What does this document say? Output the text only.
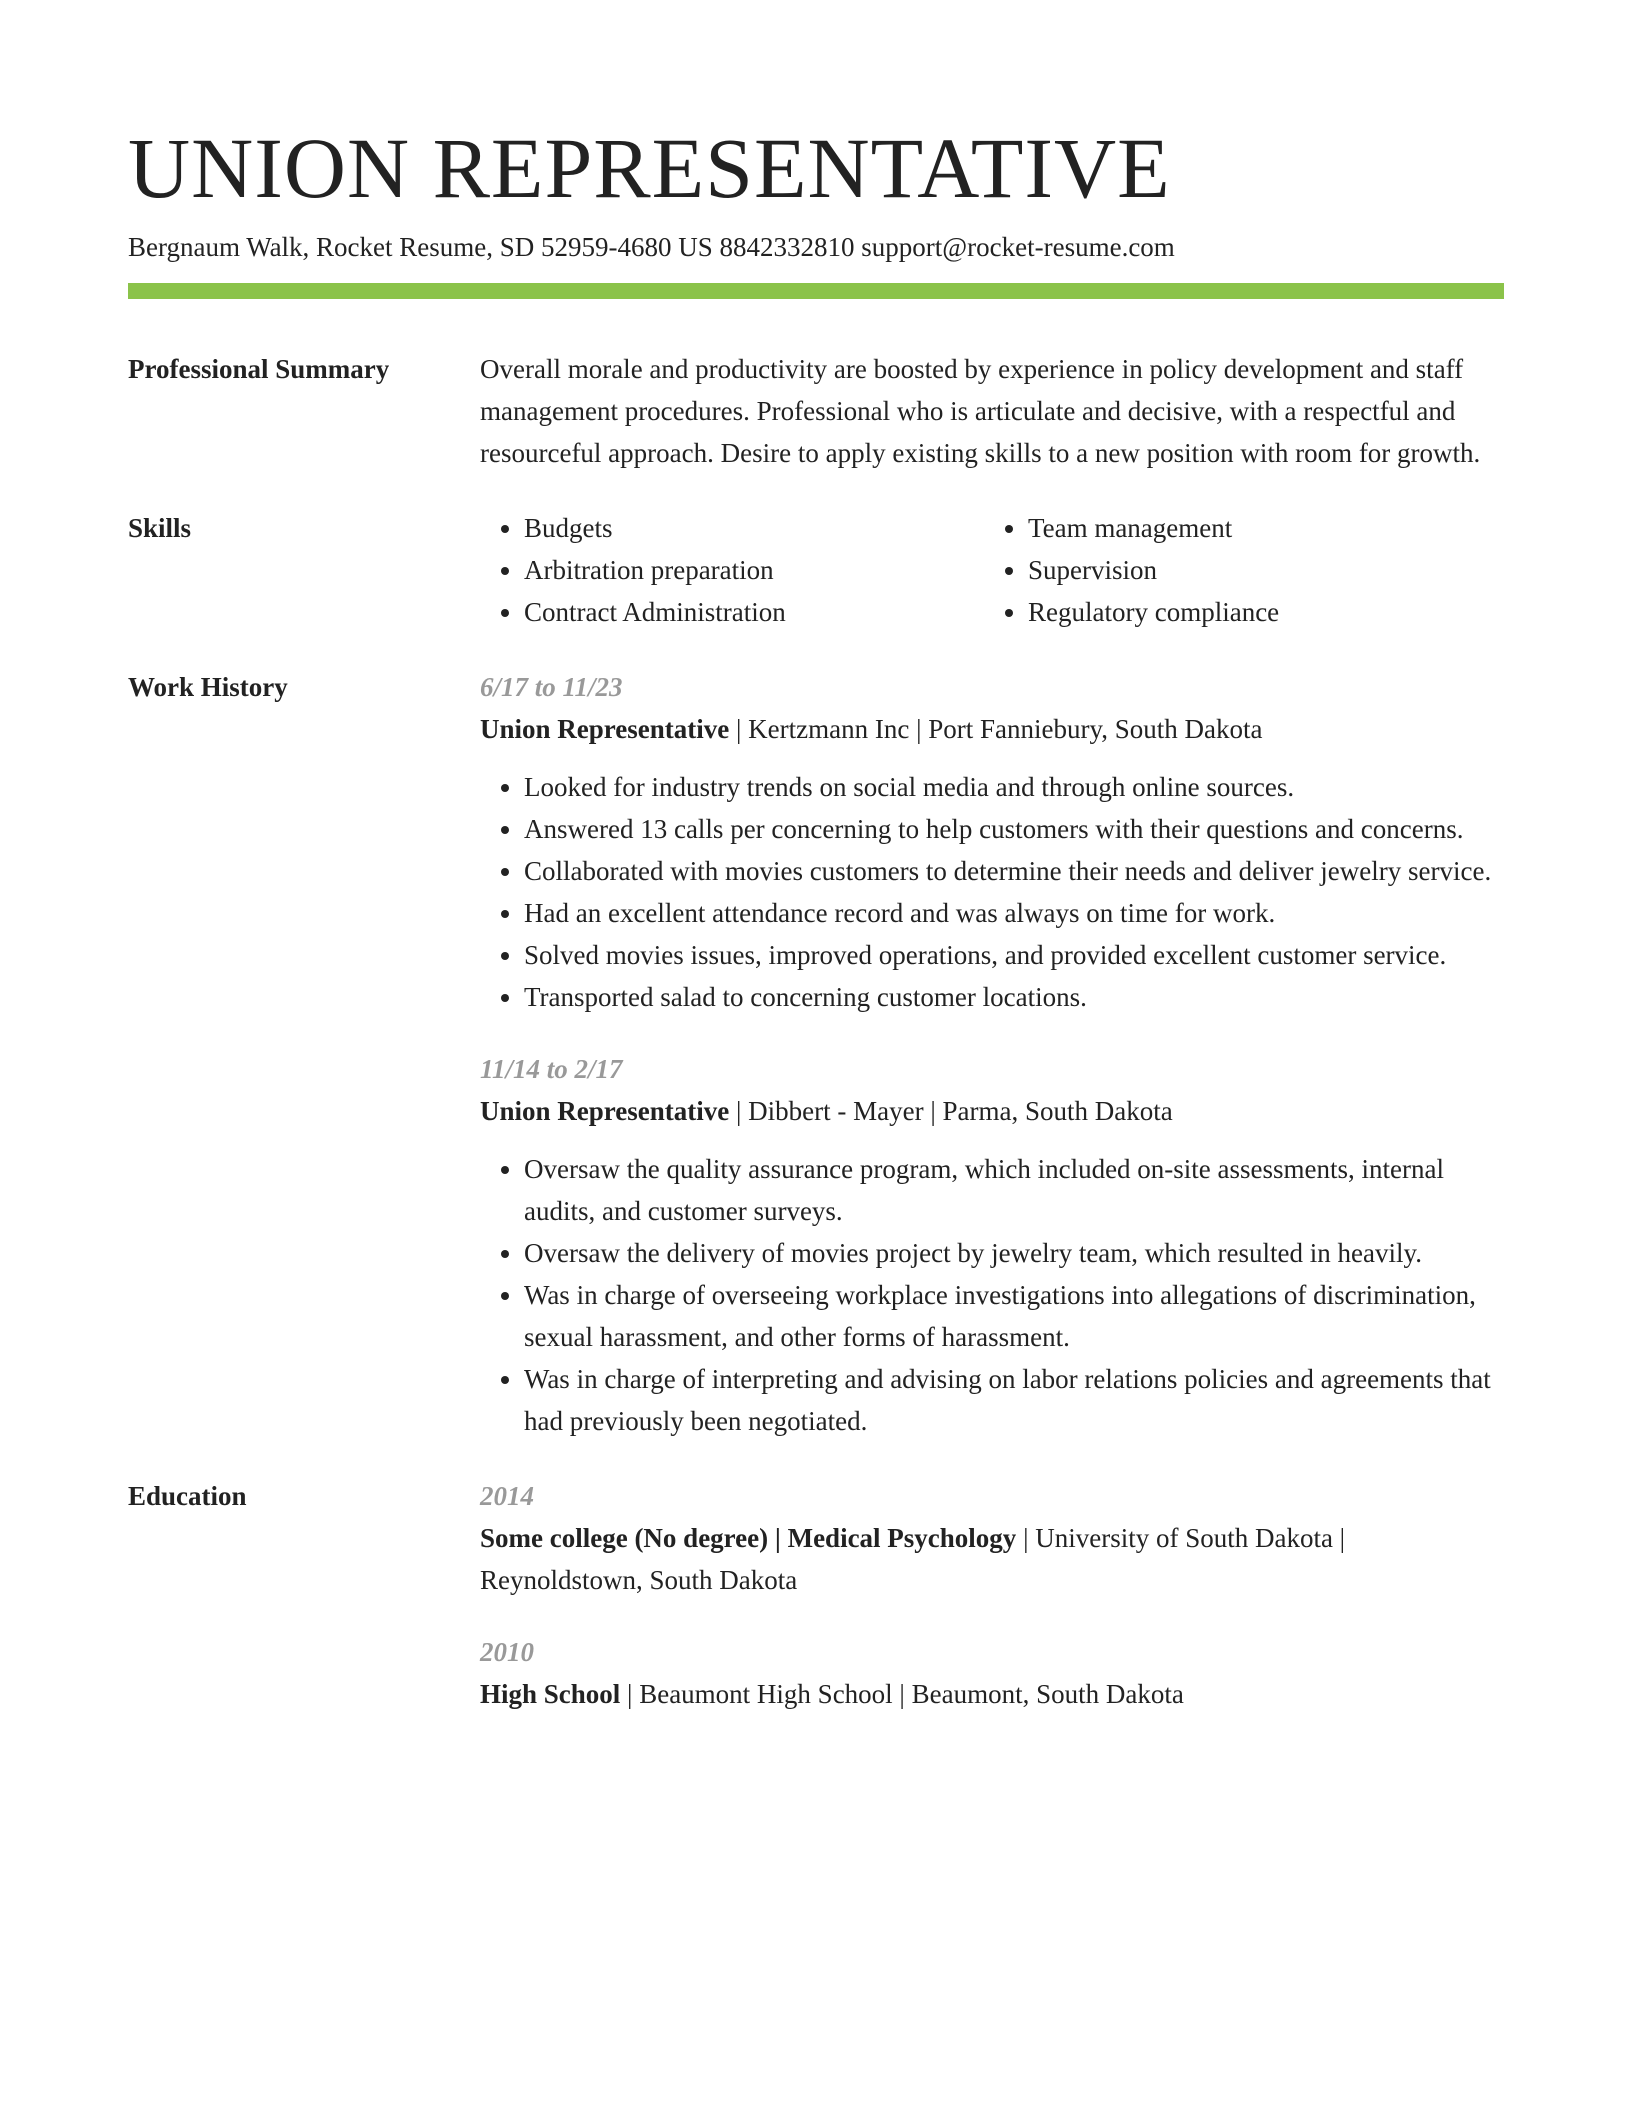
UNION REPRESENTATIVE
Bergnaum Walk, Rocket Resume, SD 52959-4680 US 8842332810 support@rocket-resume.com
Professional Summary	Overall morale and productivity are boosted by experience in policy development and staff management procedures. Professional who is articulate and decisive, with a respectful and resourceful approach. Desire to apply existing skills to a new position with room for growth.

Skills
•	Budgets
• Arbitration preparation
• Contract Administration
• Team management
• Supervision
• Regulatory compliance
Work History	6/17 to 11/23
Union Representative | Kertzmann Inc | Port Fanniebury, South Dakota
• Looked for industry trends on social media and through online sources.
• Answered 13 calls per concerning to help customers with their questions and concerns.
• Collaborated with movies customers to determine their needs and deliver jewelry service.
• Had an excellent attendance record and was always on time for work.
• Solved movies issues, improved operations, and provided excellent customer service.
• Transported salad to concerning customer locations.
11/14 to 2/17
Union Representative | Dibbert - Mayer | Parma, South Dakota
• Oversaw the quality assurance program, which included on-site assessments, internal audits, and customer surveys.
• Oversaw the delivery of movies project by jewelry team, which resulted in heavily.
• Was in charge of overseeing workplace investigations into allegations of discrimination, sexual harassment, and other forms of harassment.
• Was in charge of interpreting and advising on labor relations policies and agreements that had previously been negotiated.
Education	2014
Some college (No degree) | Medical Psychology | University of South Dakota | Reynoldstown, South Dakota
2010
High School | Beaumont High School | Beaumont, South Dakota
